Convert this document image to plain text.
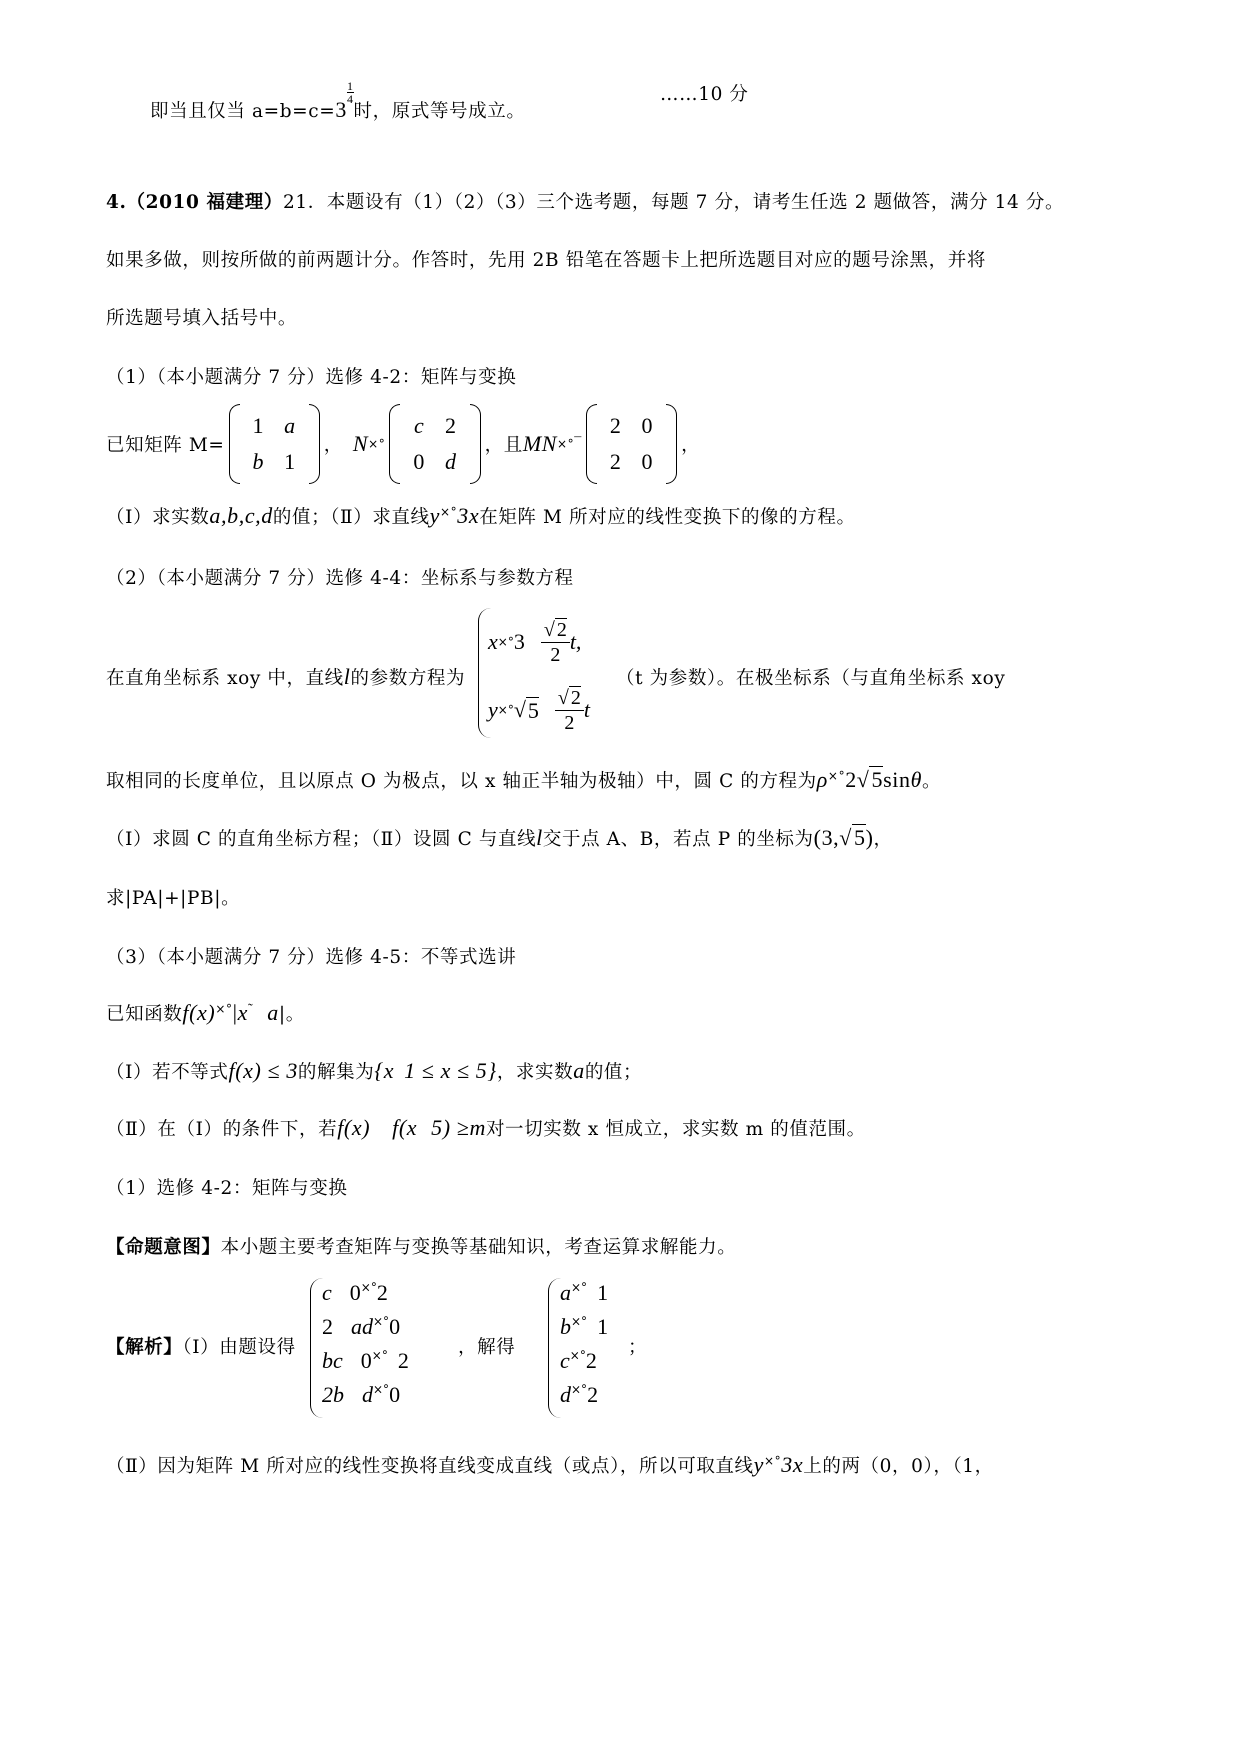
即当且仅当 a=b=c=3
$\frac{1}{4}$
时，原式等号成立。
……10 分
4.（2010 福建理）21．本题设有（1）（2）（3）三个选考题，每题 7 分，请考生任选 2 题做答，满分 14 分。
如果多做，则按所做的前两题计分。作答时，先用 2B 铅笔在答题卡上把所选题目对应的题号涂黑，并将
所选题号填入括号中。
（1）（本小题满分 7 分）选修 4-2：矩阵与变换
已知矩阵 M=
1	a
b	1
， N ×°
c	2
0	d
，且 MN ×° ¯
2	0
2	0
，
（Ⅰ）求实数a,b,c,d的值；（Ⅱ）求直线y×°3x在矩阵 M 所对应的线性变换下的像的方程。
（2）（本小题满分 7 分）选修 4-4：坐标系与参数方程
在直角坐标系 xoy 中，直线l的参数方程为
x ×° $3 \frac{√ 2}{2} t$,
y ×° √ $5 \frac{√ 2}{2}$ t
（t 为参数）。在极坐标系（与直角坐标系 xoy
取相同的长度单位，且以原点 O 为极点，以 x 轴正半轴为极轴）中，圆 C 的方程为ρ×°2√5sinθ。
（Ⅰ）求圆 C 的直角坐标方程；（Ⅱ）设圆 C 与直线l交于点 A、B，若点 P 的坐标为(3,√5)，
求|PA|+|PB|。
（3）（本小题满分 7 分）选修 4-5：不等式选讲
已知函数f(x)×°|x˜ a|。
（Ⅰ）若不等式f(x) ≤ 3的解集为{x 1 ≤ x ≤ 5}，求实数a的值；
（Ⅱ）在（Ⅰ）的条件下，若f(x) f(x 5) ≥m对一切实数 x 恒成立，求实数 m 的值范围。
（1）选修 4-2：矩阵与变换
【命题意图】本小题主要考查矩阵与变换等基础知识，考查运算求解能力。
【解析】（Ⅰ）由题设得
c 0×°2
2 ad×°0
bc 0×° 2
2b d×°0
，解得
a×° 1
b×° 1
c×°2
d×°2
；
（Ⅱ）因为矩阵 M 所对应的线性变换将直线变成直线（或点），所以可取直线y×°3x上的两（0，0），（1，
